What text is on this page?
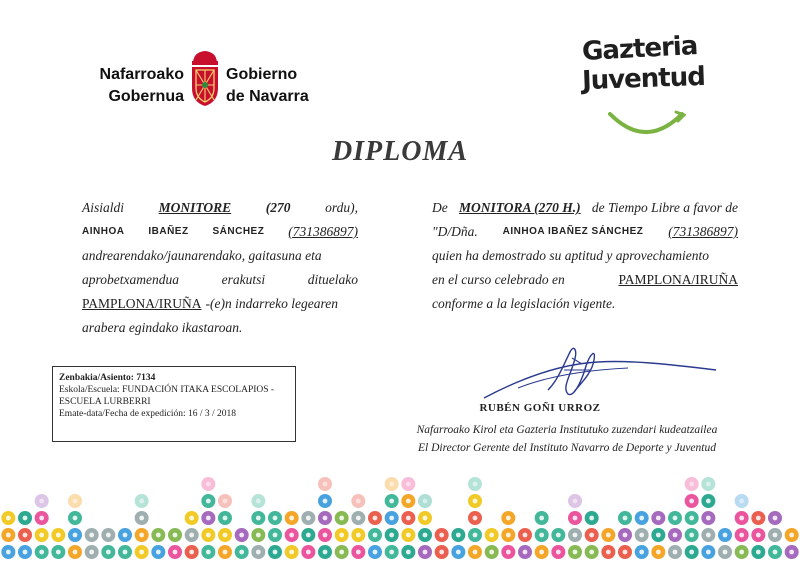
Nafarroako
Gobernua
Gobierno
de Navarra
Gazteria
Juventud
DIPLOMA
Aisialdi	MONITORE	(270	ordu),
AINHOA IBAÑEZ SÁNCHEZ (731386897)
andrearendako/jaunarendako, gaitasuna eta
aprobetxamendua	erakutsi	dituelako
PAMPLONA/IRUÑA -(e)n indarreko legearen
arabera egindako ikastaroan.
De MONITORA (270 H.) de Tiempo Libre a favor de
"D/Dña. AINHOA IBAÑEZ SÁNCHEZ (731386897)
quien ha demostrado su aptitud y aprovechamiento
en el curso celebrado en	PAMPLONA/IRUÑA
conforme a la legislación vigente.
Zenbakia/Asiento: 7134
Eskola/Escuela: FUNDACIÓN ITAKA ESCOLAPIOS -
ESCUELA LURBERRI
Emate-data/Fecha de expedición: 16 / 3 / 2018	RUBÉN GOÑI URROZ
Nafarroako Kirol eta Gazteria Institutuko zuzendari kudeatzailea
El Director Gerente del Instituto Navarro de Deporte y Juventud
